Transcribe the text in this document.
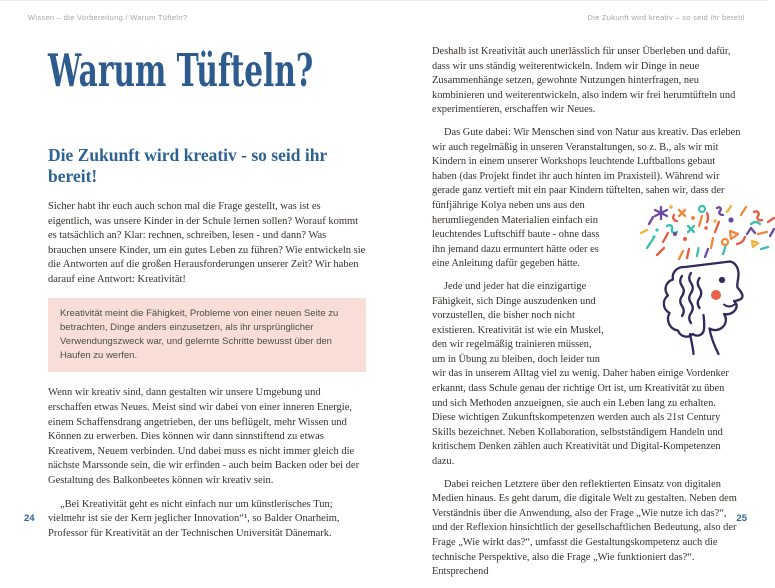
Wissen – die Vorbereitung / Warum Tüfteln?	Die Zukunft wird kreativ – so seid ihr bereit!
Warum Tüfteln?
Die Zukunft wird kreativ - so seid ihr bereit!

Sicher habt ihr euch auch schon mal die Frage gestellt, was ist es eigentlich, was unsere Kinder in der Schule lernen sollen? Worauf kommt es tatsächlich an? Klar: rechnen, schreiben, lesen - und dann? Was brauchen unsere Kinder, um ein gutes Leben zu führen? Wie entwickeln sie die Antworten auf die großen Herausforderungen unserer Zeit? Wir haben darauf eine Antwort: Kreativität!

Kreativität meint die Fähigkeit, Probleme von einer neuen Seite zu betrachten, Dinge anders einzusetzen, als ihr ursprünglicher Verwendungszweck war, und gelernte Schritte bewusst über den Haufen zu werfen.

Wenn wir kreativ sind, dann gestalten wir unsere Umgebung und erschaffen etwas Neues. Meist sind wir dabei von einer inneren Energie, einem Schaffensdrang angetrieben, der uns beflügelt, mehr Wissen und Können zu erwerben. Dies können wir dann sinnstiftend zu etwas Kreativem, Neuem verbinden. Und dabei muss es nicht immer gleich die nächste Marssonde sein, die wir erfinden - auch beim Backen oder bei der Gestaltung des Balkonbeetes können wir kreativ sein.

„Bei Kreativität geht es nicht einfach nur um künstlerisches Tun; vielmehr ist sie der Kern jeglicher Innovation“¹, so Balder Onarheim, Professor für Kreativität an der Technischen Universität Dänemark.

Deshalb ist Kreativität auch unerlässlich für unser Überleben und dafür, dass wir uns ständig weiterentwickeln. Indem wir Dinge in neue Zusammenhänge setzen, gewohnte Nutzungen hinterfragen, neu kombinieren und weiterentwickeln, also indem wir frei herumtüfteln und experimentieren, erschaffen wir Neues.

Das Gute dabei: Wir Menschen sind von Natur aus kreativ. Das erleben wir auch regelmäßig in unseren Veranstaltungen, so z. B., als wir mit Kindern in einem unserer Workshops leuchtende Luftballons gebaut haben (das Projekt findet ihr auch hinten im Praxisteil). Während wir gerade ganz vertieft mit ein paar Kindern tüftelten, sahen wir, dass der fünfjährige Kolya neben uns aus den herumliegenden Materialien einfach ein leuchtendes Luftschiff baute - ohne dass ihn jemand dazu ermuntert hätte oder es eine Anleitung dafür gegeben hätte.

Jede und jeder hat die einzigartige Fähigkeit, sich Dinge auszudenken und vorzustellen, die bisher noch nicht existieren. Kreativität ist wie ein Muskel, den wir regelmäßig trainieren müssen, um in Übung zu bleiben, doch leider tun wir das in unserem Alltag viel zu wenig. Daher haben einige Vordenker erkannt, dass Schule genau der richtige Ort ist, um Kreativität zu üben und sich Methoden anzueignen, sie auch ein Leben lang zu erhalten. Diese wichtigen Zukunftskompetenzen werden auch als 21st Century Skills bezeichnet. Neben Kollaboration, selbstständigem Handeln und kritischem Denken zählen auch Kreativität und Digital-Kompetenzen dazu.

Dabei reichen Letztere über den reflektierten Einsatz von digitalen Medien hinaus. Es geht darum, die digitale Welt zu gestalten. Neben dem Verständnis über die Anwendung, also der Frage „Wie nutze ich das?“, und der Reflexion hinsichtlich der gesellschaftlichen Bedeutung, also der Frage „Wie wirkt das?“, umfasst die Gestaltungskompetenz auch die technische Perspektive, also die Frage „Wie funktioniert das?“. Entsprechend

24	25
